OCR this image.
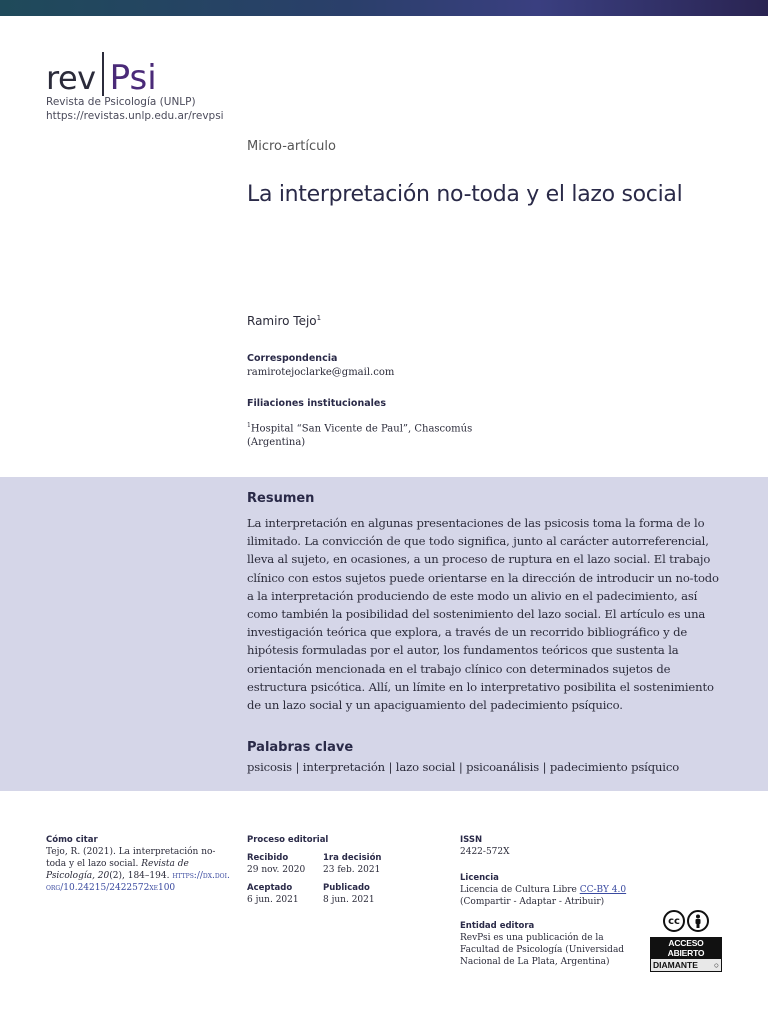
rev Psi
Revista de Psicología (UNLP)
https://revistas.unlp.edu.ar/revpsi
Micro-artículo
La interpretación no-toda y el lazo social
Ramiro Tejo$^1$
Correspondencia
ramirotejoclarke@gmail.com
Filiaciones institucionales
$^1$Hospital “San Vicente de Paul”, Chascomús (Argentina)
Resumen
La interpretación en algunas presentaciones de las psicosis toma la forma de lo ilimitado. La convicción de que todo significa, junto al carácter autorreferencial, lleva al sujeto, en ocasiones, a un proceso de ruptura en el lazo social. El trabajo clínico con estos sujetos puede orientarse en la dirección de introducir un no-todo a la interpretación produciendo de este modo un alivio en el padecimiento, así como también la posibilidad del sostenimiento del lazo social. El artículo es una investigación teórica que explora, a través de un recorrido bibliográfico y de hipótesis formuladas por el autor, los fundamentos teóricos que sustenta la orientación mencionada en el trabajo clínico con determinados sujetos de estructura psicótica. Allí, un límite en lo interpretativo posibilita el sostenimiento de un lazo social y un apaciguamiento del padecimiento psíquico.
Palabras clave
psicosis | interpretación | lazo social | psicoanálisis | padecimiento psíquico
Cómo citar
Tejo, R. (2021). La interpretación no-toda y el lazo social. Revista de Psicología, 20(2), 184–194. https://dx.doi.org/10.24215/2422572xe100
Proceso editorial
Recibido
29 nov. 2020
1ra decisión
23 feb. 2021
Aceptado
6 jun. 2021
Publicado
8 jun. 2021
ISSN
2422-572X
Licencia
Licencia de Cultura Libre CC-BY 4.0
(Compartir - Adaptar - Atribuir)
Entidad editora
RevPsi es una publicación de la Facultad de Psicología (Universidad Nacional de La Plata, Argentina)
cc
ACCESO ABIERTO
DIAMANTE ○
